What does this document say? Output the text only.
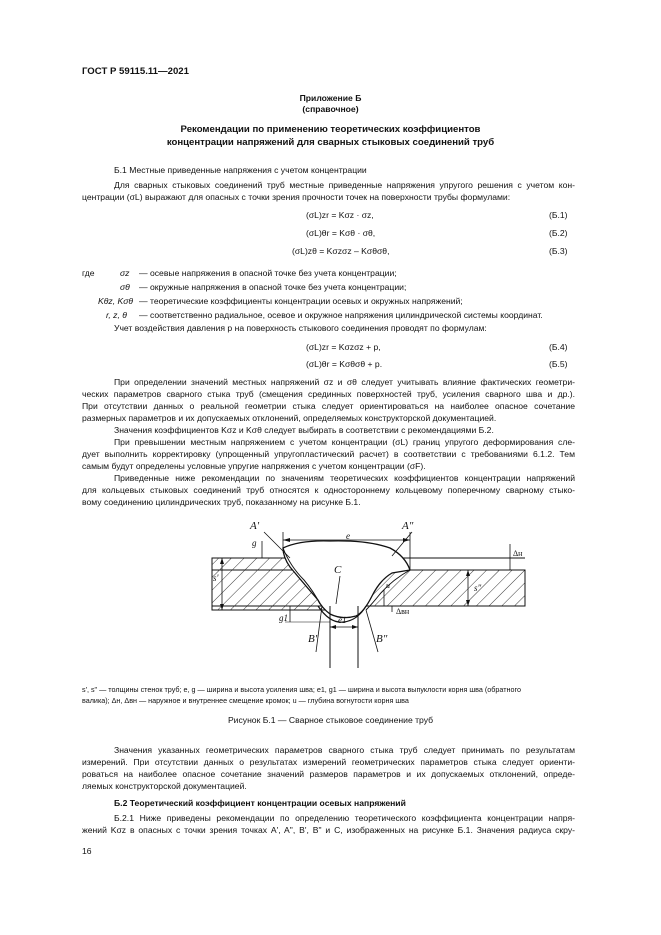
ГОСТ Р 59115.11—2021
Приложение Б
(справочное)
Рекомендации по применению теоретических коэффициентов
концентрации напряжений для сварных стыковых соединений труб
Б.1 Местные приведенные напряжения с учетом концентрации
Для сварных стыковых соединений труб местные приведенные напряжения упругого решения с учетом кон-
центрации (σL) выражают для опасных с точки зрения прочности точек на поверхности трубы формулами:
(σL)zr = Kσz · σz,	(Б.1)
(σL)θr = Kσθ · σθ,	(Б.2)
(σL)zθ = Kσzσz – Kσθσθ,	(Б.3)
где	σz — осевые напряжения в опасной точке без учета концентрации;
σθ — окружные напряжения в опасной точке без учета концентрации;
Kθz, Kσθ — теоретические коэффициенты концентрации осевых и окружных напряжений;
r, z, θ — соответственно радиальное, осевое и окружное напряжения цилиндрической системы координат.
Учет воздействия давления p на поверхность стыкового соединения проводят по формулам:
(σL)zr = Kσzσz + p,	(Б.4)
(σL)θr = Kσθσθ + p.	(Б.5)
При определении значений местных напряжений σz и σθ следует учитывать влияние фактических геометри-
ческих параметров сварного стыка труб (смещения срединных поверхностей труб, усиления сварного шва и др.).
При отсутствии данных о реальной геометрии стыка следует ориентироваться на наиболее опасное сочетание
размерных параметров и их допускаемых отклонений, определяемых конструкторской документацией.
Значения коэффициентов Kσz и Kσθ следует выбирать в соответствии с рекомендациями Б.2.
При превышении местным напряжением с учетом концентрации (σL) границ упругого деформирования сле-
дует выполнить корректировку (упрощенный упругопластический расчет) в соответствии с требованиями 6.1.2. Тем
самым будут определены условные упругие напряжения с учетом концентрации (σF).
Приведенные ниже рекомендации по значениям теоретических коэффициентов концентрации напряжений
для кольцевых стыковых соединений труб относятся к одностороннему кольцевому поперечному сварному стыко-
вому соединению цилиндрических труб, показанному на рисунке Б.1.
A'	A"
e
g
s'
C
s"
Δн
u
Δвн
g1	e1
B'	B"
s', s" — толщины стенок труб; e, g — ширина и высота усиления шва; e1, g1 — ширина и высота выпуклости корня шва (обратного
валика); Δн, Δвн — наружное и внутреннее смещение кромок; u — глубина вогнутости корня шва
Рисунок Б.1 — Сварное стыковое соединение труб
Значения указанных геометрических параметров сварного стыка труб следует принимать по результатам
измерений. При отсутствии данных о результатах измерений геометрических параметров стыка следует ориенти-
роваться на наиболее опасное сочетание значений размеров параметров и их допускаемых отклонений, опреде-
ляемых конструкторской документацией.
Б.2 Теоретический коэффициент концентрации осевых напряжений
Б.2.1 Ниже приведены рекомендации по определению теоретического коэффициента концентрации напря-
жений Kσz в опасных с точки зрения точках A', A", B', B" и C, изображенных на рисунке Б.1. Значения радиуса скру-
16
